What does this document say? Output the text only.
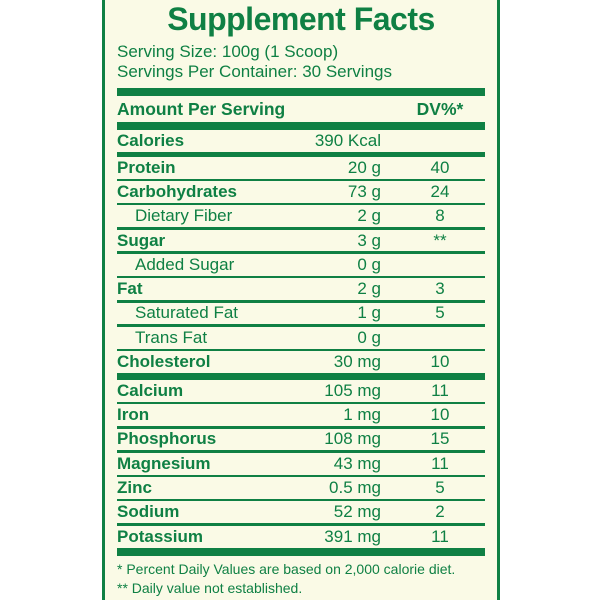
Supplement Facts
Serving Size: 100g (1 Scoop)
Servings Per Container: 30 Servings
Amount Per Serving	DV%*
Calories	390 Kcal
Protein	20 g	40
Carbohydrates	73 g	24
Dietary Fiber	2 g	8
Sugar	3 g	**
Added Sugar	0 g
Fat	2 g	3
Saturated Fat	1 g	5
Trans Fat	0 g
Cholesterol	30 mg	10
Calcium	105 mg	11
Iron	1 mg	10
Phosphorus	108 mg	15
Magnesium	43 mg	11
Zinc	0.5 mg	5
Sodium	52 mg	2
Potassium	391 mg	11
* Percent Daily Values are based on 2,000 calorie diet.
** Daily value not established.
